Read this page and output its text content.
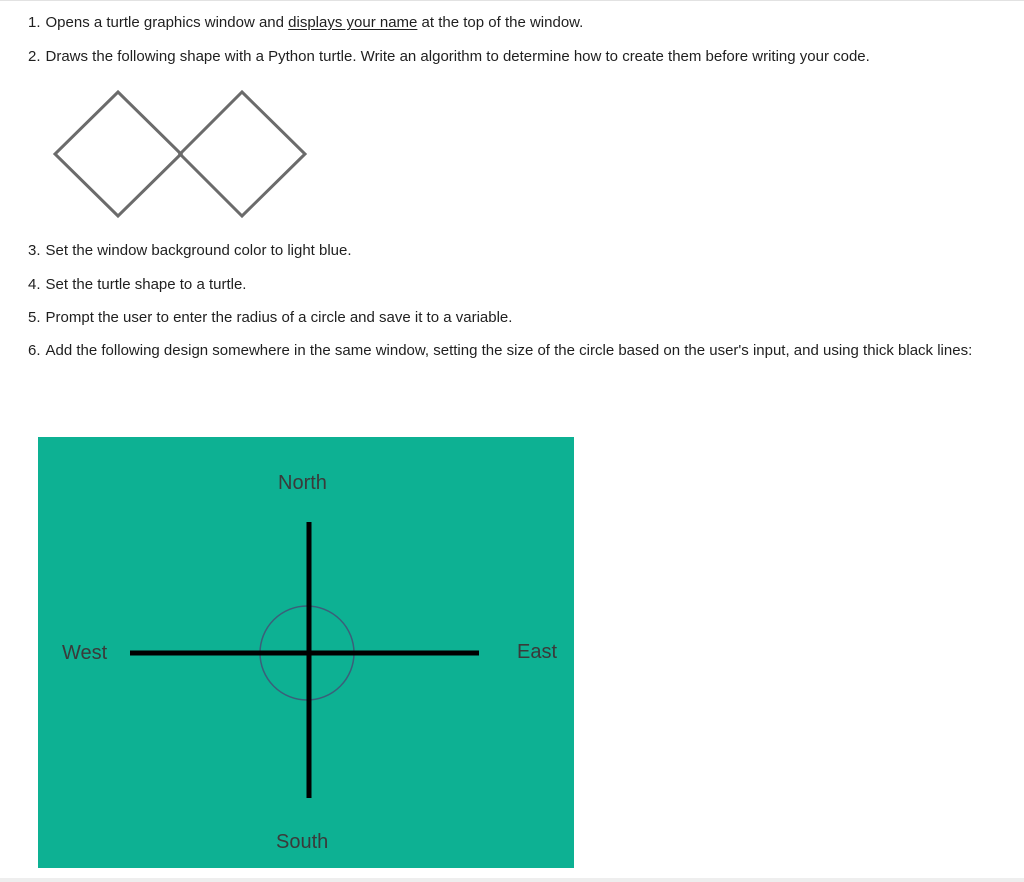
1. Opens a turtle graphics window and displays your name at the top of the window.

2. Draws the following shape with a Python turtle. Write an algorithm to determine how to create them before writing your code.

3. Set the window background color to light blue.

4. Set the turtle shape to a turtle.

5. Prompt the user to enter the radius of a circle and save it to a variable.

6. Add the following design somewhere in the same window, setting the size of the circle based on the user's input, and using thick black lines:

North
South
East
West
